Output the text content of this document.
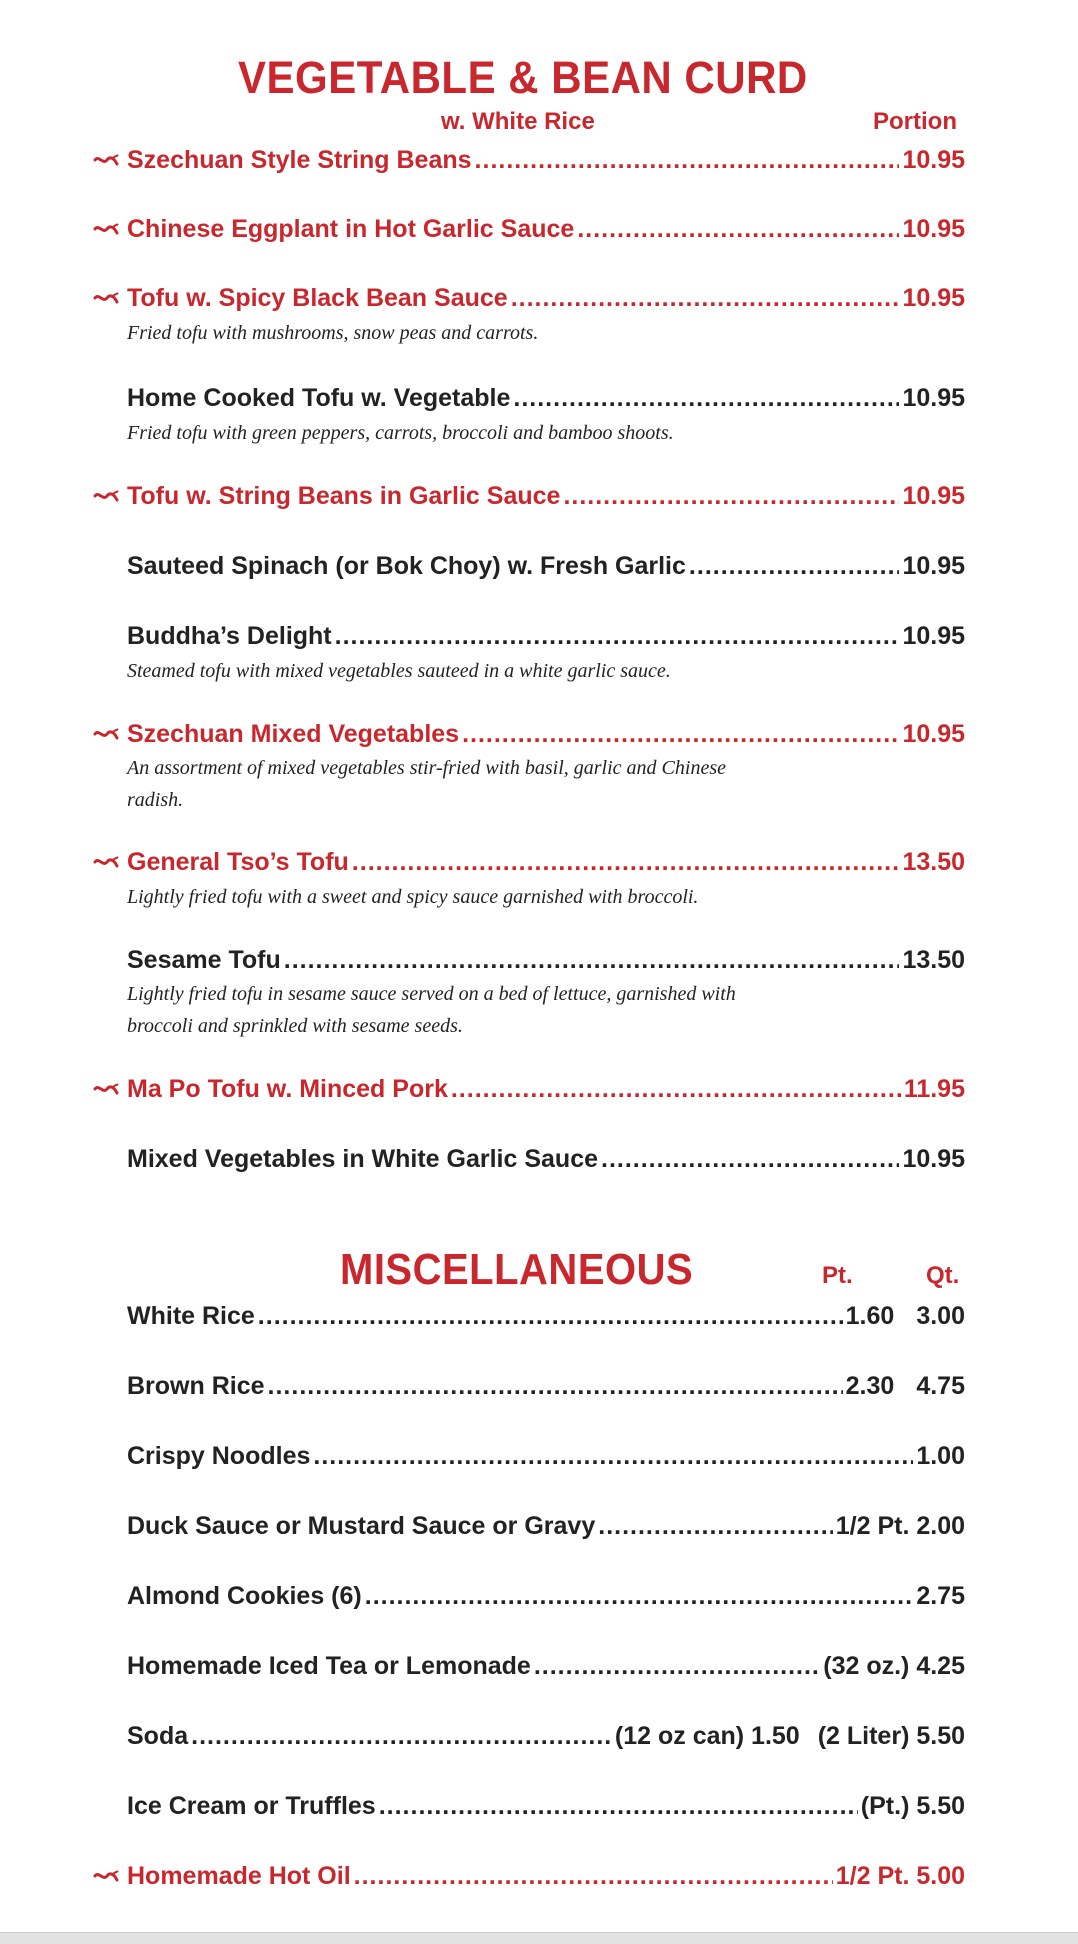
VEGETABLE & BEAN CURD
w. White Rice	Portion
Szechuan Style String Beans .....	10.95
Chinese Eggplant in Hot Garlic Sauce .....	10.95
Tofu w. Spicy Black Bean Sauce .....	10.95
Fried tofu with mushrooms, snow peas and carrots.
Home Cooked Tofu w. Vegetable .....	10.95
Fried tofu with green peppers, carrots, broccoli and bamboo shoots.
Tofu w. String Beans in Garlic Sauce .....	10.95
Sauteed Spinach (or Bok Choy) w. Fresh Garlic .....	10.95
Buddha’s Delight .....	10.95
Steamed tofu with mixed vegetables sauteed in a white garlic sauce.
Szechuan Mixed Vegetables .....	10.95
An assortment of mixed vegetables stir-fried with basil, garlic and Chinese
radish.
General Tso’s Tofu .....	13.50
Lightly fried tofu with a sweet and spicy sauce garnished with broccoli.
Sesame Tofu .....	13.50
Lightly fried tofu in sesame sauce served on a bed of lettuce, garnished with
broccoli and sprinkled with sesame seeds.
Ma Po Tofu w. Minced Pork .....	11.95
Mixed Vegetables in White Garlic Sauce .....	10.95
MISCELLANEOUS	Pt.	Qt.
White Rice .....	1.60 3.00
Brown Rice .....	2.30 4.75
Crispy Noodles .....	1.00
Duck Sauce or Mustard Sauce or Gravy .....	1/2 Pt. 2.00
Almond Cookies (6) .....	2.75
Homemade Iced Tea or Lemonade .....	(32 oz.) 4.25
Soda .....	(12 oz can) 1.50 (2 Liter) 5.50
Ice Cream or Truffles .....	(Pt.) 5.50
Homemade Hot Oil .....	1/2 Pt. 5.00
